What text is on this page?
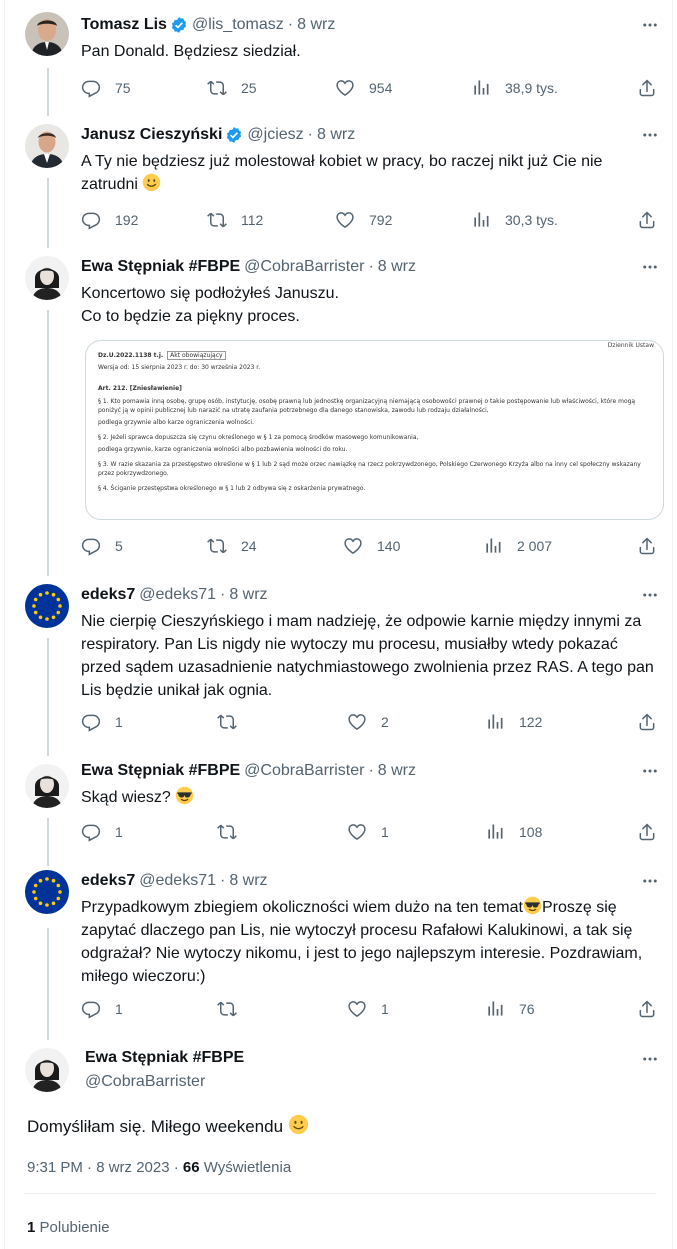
Tomasz Lis @lis_tomasz · 8 wrz
Pan Donald. Będziesz siedział.
75	25	954	38,9 tys.
Janusz Cieszyński @jciesz · 8 wrz
A Ty nie będziesz już molestował kobiet w pracy, bo raczej nikt już Cie nie zatrudni
192	112	792	30,3 tys.
Ewa Stępniak #FBPE @CobraBarrister · 8 wrz
Koncertowo się podłożyłeś Januszu.
Co to będzie za piękny proces.
Dziennik Ustaw

Dz.U.2022.1138 t.j. Akt obowiązujący

Wersja od: 15 sierpnia 2023 r. do: 30 września 2023 r.

Art. 212. [Zniesławienie]

§ 1. Kto pomawia inną osobę, grupę osób, instytucję, osobę prawną lub jednostkę organizacyjną niemającą osobowości prawnej o takie postępowanie lub właściwości, które mogą poniżyć ją w opinii publicznej lub narazić na utratę zaufania potrzebnego dla danego stanowiska, zawodu lub rodzaju działalności,

podlega grzywnie albo karze ograniczenia wolności.

§ 2. Jeżeli sprawca dopuszcza się czynu określonego w § 1 za pomocą środków masowego komunikowania,

podlega grzywnie, karze ograniczenia wolności albo pozbawienia wolności do roku.

§ 3. W razie skazania za przestępstwo określone w § 1 lub 2 sąd może orzec nawiązkę na rzecz pokrzywdzonego, Polskiego Czerwonego Krzyża albo na inny cel społeczny wskazany przez pokrzywdzonego.

§ 4. Ściganie przestępstwa określonego w § 1 lub 2 odbywa się z oskarżenia prywatnego.

5	24	140	2 007
edeks7 @edeks71 · 8 wrz
Nie cierpię Cieszyńskiego i mam nadzieję, że odpowie karnie między innymi za respiratory. Pan Lis nigdy nie wytoczy mu procesu, musiałby wtedy pokazać przed sądem uzasadnienie natychmiastowego zwolnienia przez RAS. A tego pan Lis będzie unikał jak ognia.
1	2	122
Ewa Stępniak #FBPE @CobraBarrister · 8 wrz
Skąd wiesz?
1	1	108
edeks7 @edeks71 · 8 wrz
Przypadkowym zbiegiem okoliczności wiem dużo na ten temat Proszę się zapytać dlaczego pan Lis, nie wytoczył procesu Rafałowi Kalukinowi, a tak się odgrażał? Nie wytoczy nikomu, i jest to jego najlepszym interesie. Pozdrawiam, miłego wieczoru:)
1	1	76
Ewa Stępniak #FBPE
@CobraBarrister
Domyśliłam się. Miłego weekendu
9:31 PM · 8 wrz 2023 · 66 Wyświetlenia
1 Polubienie
